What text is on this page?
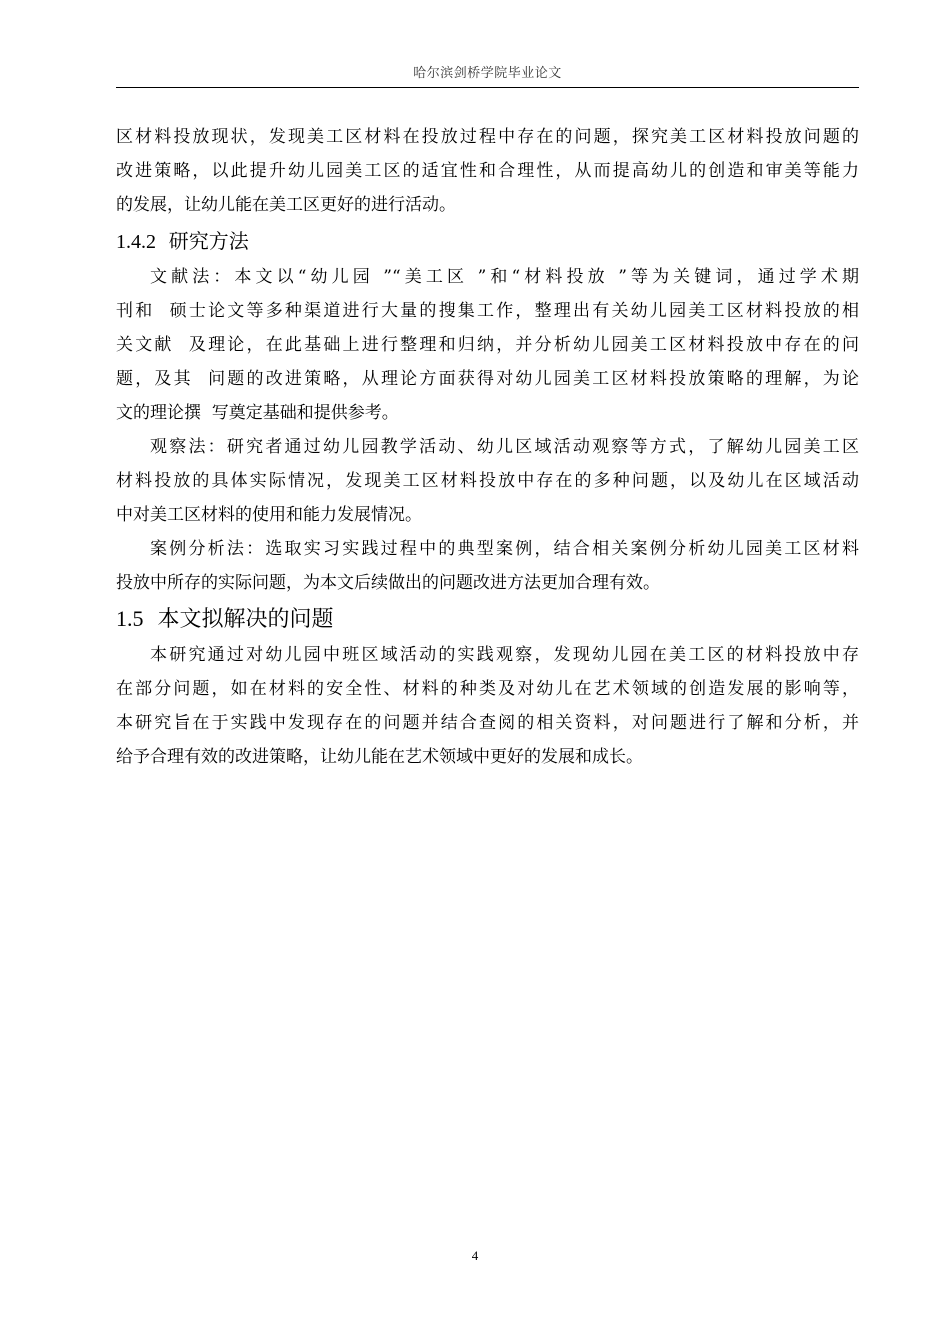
哈尔滨剑桥学院毕业论文
区材料投放现状，发现美工区材料在投放过程中存在的问题，探究美工区材料投放问题的
改进策略，以此提升幼儿园美工区的适宜性和合理性，从而提高幼儿的创造和审美等能力
的发展，让幼儿能在美工区更好的进行活动。
1.4.2 研究方法
文献法：本文以“幼儿园 ”“美工区 ”和“材料投放 ”等为关键词，通过学术期
刊和  硕士论文等多种渠道进行大量的搜集工作，整理出有关幼儿园美工区材料投放的相
关文献  及理论，在此基础上进行整理和归纳，并分析幼儿园美工区材料投放中存在的问
题，及其  问题的改进策略，从理论方面获得对幼儿园美工区材料投放策略的理解，为论
文的理论撰  写奠定基础和提供参考。
观察法：研究者通过幼儿园教学活动、幼儿区域活动观察等方式，了解幼儿园美工区
材料投放的具体实际情况，发现美工区材料投放中存在的多种问题，以及幼儿在区域活动
中对美工区材料的使用和能力发展情况。
案例分析法：选取实习实践过程中的典型案例，结合相关案例分析幼儿园美工区材料
投放中所存的实际问题，为本文后续做出的问题改进方法更加合理有效。
1.5 本文拟解决的问题
本研究通过对幼儿园中班区域活动的实践观察，发现幼儿园在美工区的材料投放中存
在部分问题，如在材料的安全性、材料的种类及对幼儿在艺术领域的创造发展的影响等，
本研究旨在于实践中发现存在的问题并结合查阅的相关资料，对问题进行了解和分析，并
给予合理有效的改进策略，让幼儿能在艺术领域中更好的发展和成长。
4
